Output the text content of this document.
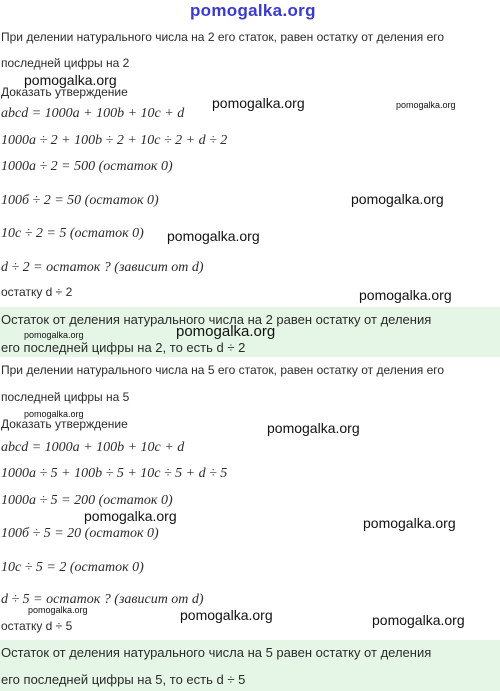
pomogalka.org
При делении натурального числа на 2 его статок, равен остатку от деления его
последней цифры на 2
Доказать утверждение
abcd = 1000a + 100b + 10c + d
1000a ÷ 2 + 100b ÷ 2 + 10c ÷ 2 + d ÷ 2
1000a ÷ 2 = 500 (остаток 0)
100б ÷ 2 = 50 (остаток 0)
10c ÷ 2 = 5 (остаток 0)
d ÷ 2 = остаток ? (зависит от d)
остатку d ÷ 2
Остаток от деления натурального числа на 2 равен остатку от деления
его последней цифры на 2, то есть d ÷ 2
При делении натурального числа на 5 его статок, равен остатку от деления его
последней цифры на 5
Доказать утверждение
abcd = 1000a + 100b + 10c + d
1000a ÷ 5 + 100b ÷ 5 + 10c ÷ 5 + d ÷ 5
1000a ÷ 5 = 200 (остаток 0)
100б ÷ 5 = 20 (остаток 0)
10c ÷ 5 = 2 (остаток 0)
d ÷ 5 = остаток ? (зависит от d)
остатку d ÷ 5
Остаток от деления натурального числа на 5 равен остатку от деления
его последней цифры на 5, то есть d ÷ 5
pomogalka.org
pomogalka.org	pomogalka.org
pomogalka.org
pomogalka.org
pomogalka.org
pomogalka.org	pomogalka.org
pomogalka.org
pomogalka.org
pomogalka.org	pomogalka.org
pomogalka.org	pomogalka.org	pomogalka.org
